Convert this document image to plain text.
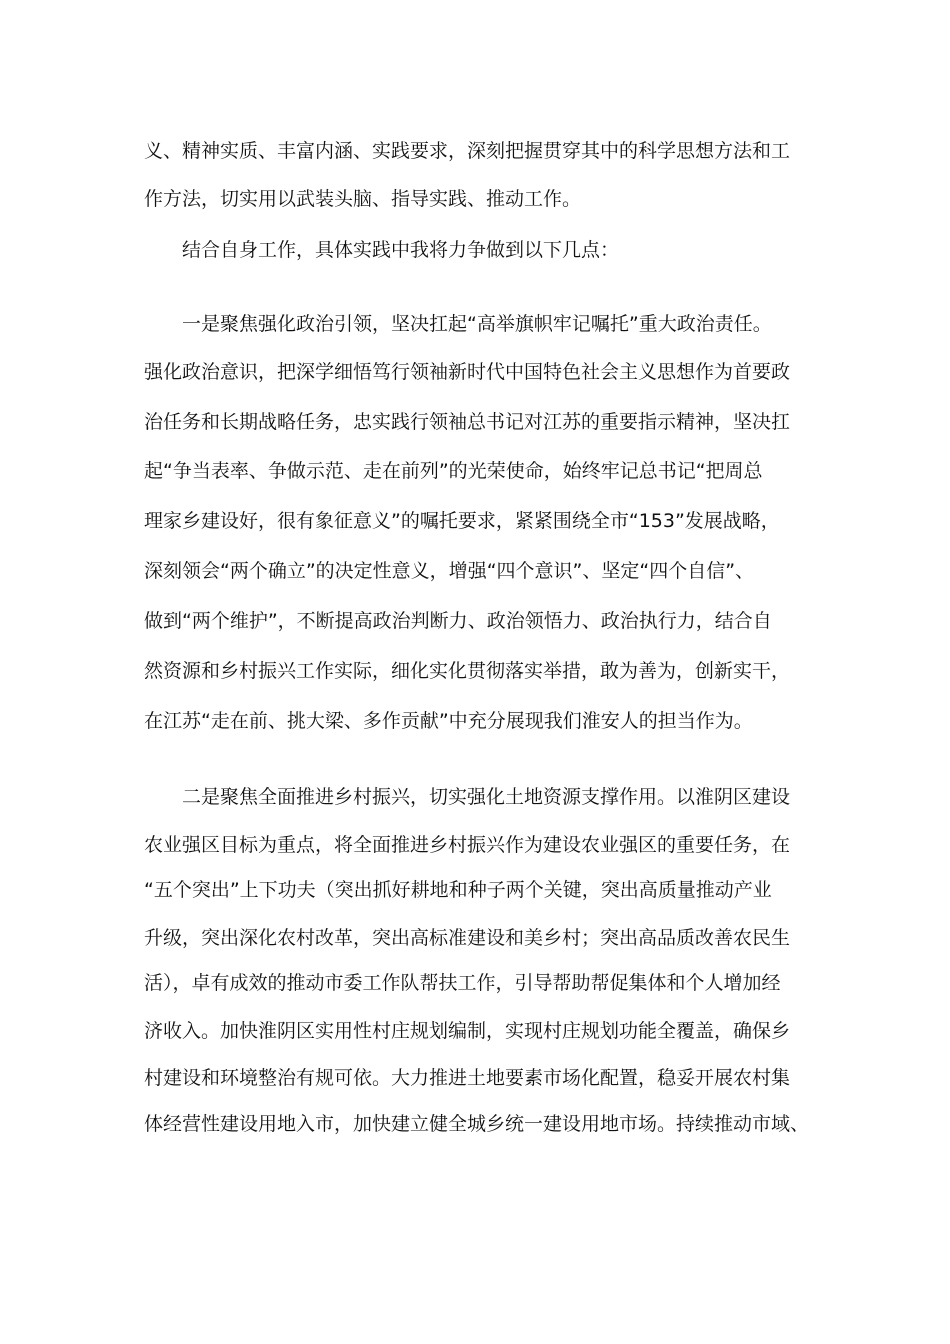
义、精神实质、丰富内涵、实践要求，深刻把握贯穿其中的科学思想方法和工
作方法，切实用以武装头脑、指导实践、推动工作。
结合自身工作，具体实践中我将力争做到以下几点：
一是聚焦强化政治引领，坚决扛起“高举旗帜牢记嘱托”重大政治责任。
强化政治意识，把深学细悟笃行领袖新时代中国特色社会主义思想作为首要政
治任务和长期战略任务，忠实践行领袖总书记对江苏的重要指示精神，坚决扛
起“争当表率、争做示范、走在前列”的光荣使命，始终牢记总书记“把周总
理家乡建设好，很有象征意义”的嘱托要求，紧紧围绕全市“153”发展战略，
深刻领会“两个确立”的决定性意义，增强“四个意识”、坚定“四个自信”、
做到“两个维护”，不断提高政治判断力、政治领悟力、政治执行力，结合自
然资源和乡村振兴工作实际，细化实化贯彻落实举措，敢为善为，创新实干，
在江苏“走在前、挑大梁、多作贡献”中充分展现我们淮安人的担当作为。
二是聚焦全面推进乡村振兴，切实强化土地资源支撑作用。以淮阴区建设
农业强区目标为重点，将全面推进乡村振兴作为建设农业强区的重要任务，在
“五个突出”上下功夫（突出抓好耕地和种子两个关键，突出高质量推动产业
升级，突出深化农村改革，突出高标准建设和美乡村；突出高品质改善农民生
活），卓有成效的推动市委工作队帮扶工作，引导帮助帮促集体和个人增加经
济收入。加快淮阴区实用性村庄规划编制，实现村庄规划功能全覆盖，确保乡
村建设和环境整治有规可依。大力推进土地要素市场化配置，稳妥开展农村集
体经营性建设用地入市，加快建立健全城乡统一建设用地市场。持续推动市域、
